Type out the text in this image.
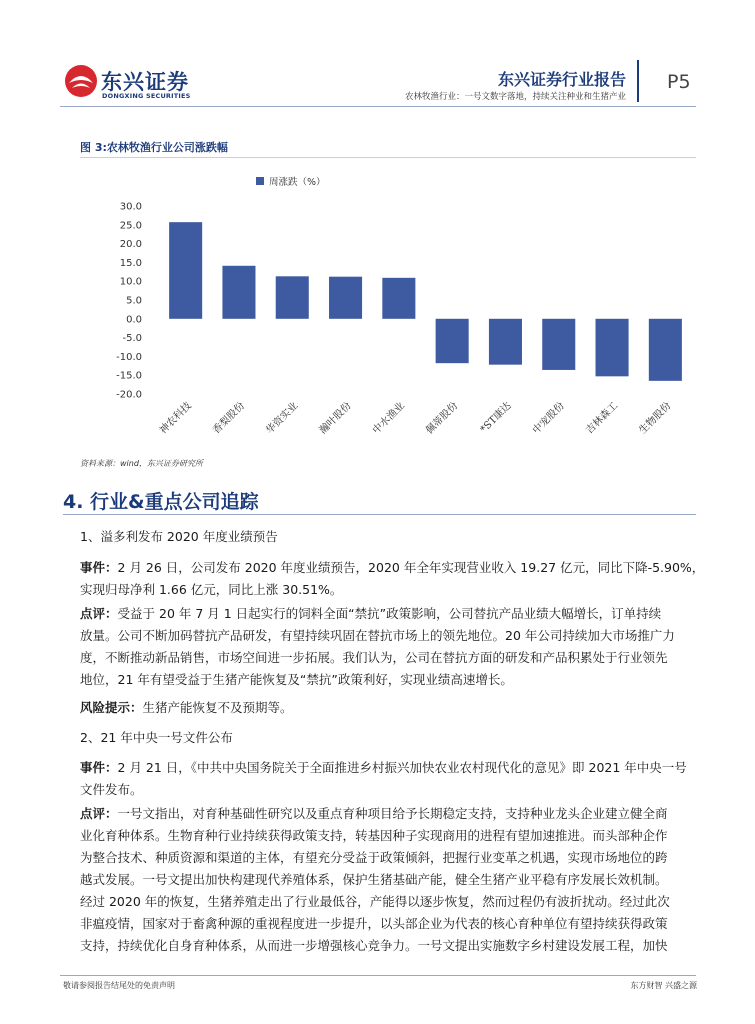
东兴证券
DONGXING SECURITIES
东兴证券行业报告
农林牧渔行业：一号文数字落地，持续关注种业和生猪产业
P5
图 3:农林牧渔行业公司涨跌幅
周涨跌（%）
30.0
25.0
20.0
15.0
10.0
5.0
0.0
-5.0
-10.0
-15.0
-20.0
神农科技 香梨股份 华资实业 瀚叶股份 中水渔业 佩蒂股份 *ST康达 中宠股份 吉林森工 生物股份
资料来源：wind，东兴证券研究所
4. 行业&重点公司追踪
1、溢多利发布 2020 年度业绩预告
事件：2 月 26 日，公司发布 2020 年度业绩预告，2020 年全年实现营业收入 19.27 亿元，同比下降-5.90%，
实现归母净利 1.66 亿元，同比上涨 30.51%。
点评：受益于 20 年 7 月 1 日起实行的饲料全面“禁抗”政策影响，公司替抗产品业绩大幅增长，订单持续
放量。公司不断加码替抗产品研发，有望持续巩固在替抗市场上的领先地位。20 年公司持续加大市场推广力
度，不断推动新品销售，市场空间进一步拓展。我们认为，公司在替抗方面的研发和产品积累处于行业领先
地位，21 年有望受益于生猪产能恢复及“禁抗”政策利好，实现业绩高速增长。
风险提示：生猪产能恢复不及预期等。
2、21 年中央一号文件公布
事件：2 月 21 日，《中共中央国务院关于全面推进乡村振兴加快农业农村现代化的意见》即 2021 年中央一号
文件发布。
点评：一号文指出，对育种基础性研究以及重点育种项目给予长期稳定支持，支持种业龙头企业建立健全商
业化育种体系。生物育种行业持续获得政策支持，转基因种子实现商用的进程有望加速推进。而头部种企作
为整合技术、种质资源和渠道的主体，有望充分受益于政策倾斜，把握行业变革之机遇，实现市场地位的跨
越式发展。一号文提出加快构建现代养殖体系，保护生猪基础产能，健全生猪产业平稳有序发展长效机制。
经过 2020 年的恢复，生猪养殖走出了行业最低谷，产能得以逐步恢复，然而过程仍有波折扰动。经过此次
非瘟疫情，国家对于畜禽种源的重视程度进一步提升，以头部企业为代表的核心育种单位有望持续获得政策
支持，持续优化自身育种体系，从而进一步增强核心竞争力。一号文提出实施数字乡村建设发展工程，加快
敬请参阅报告结尾处的免责声明	东方财智 兴盛之源
